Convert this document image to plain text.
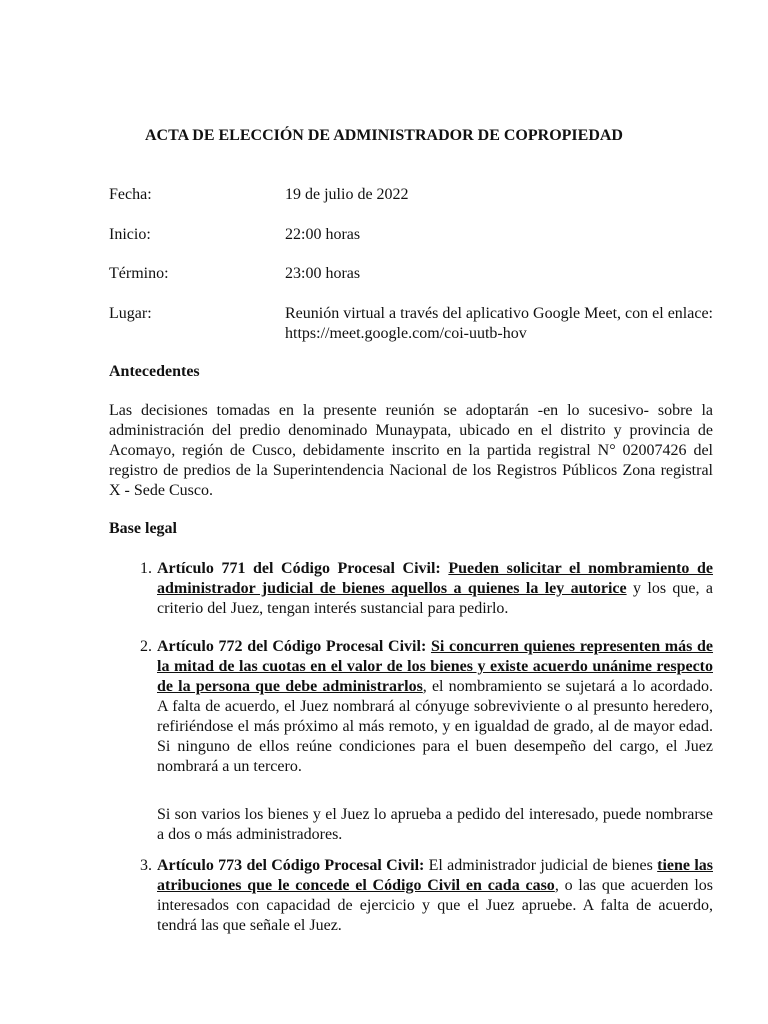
ACTA DE ELECCIÓN DE ADMINISTRADOR DE COPROPIEDAD
Fecha:	19 de julio de 2022
Inicio:	22:00 horas
Término:	23:00 horas
Lugar:	Reunión virtual a través del aplicativo Google Meet, con el enlace: https://meet.google.com/coi-uutb-hov
Antecedentes
Las decisiones tomadas en la presente reunión se adoptarán -en lo sucesivo- sobre la administración del predio denominado Munaypata, ubicado en el distrito y provincia de Acomayo, región de Cusco, debidamente inscrito en la partida registral N° 02007426 del registro de predios de la Superintendencia Nacional de los Registros Públicos Zona registral X - Sede Cusco.
Base legal
1. Artículo 771 del Código Procesal Civil: Pueden solicitar el nombramiento de administrador judicial de bienes aquellos a quienes la ley autorice y los que, a criterio del Juez, tengan interés sustancial para pedirlo.
2. Artículo 772 del Código Procesal Civil: Si concurren quienes representen más de la mitad de las cuotas en el valor de los bienes y existe acuerdo unánime respecto de la persona que debe administrarlos, el nombramiento se sujetará a lo acordado. A falta de acuerdo, el Juez nombrará al cónyuge sobreviviente o al presunto heredero, refiriéndose el más próximo al más remoto, y en igualdad de grado, al de mayor edad. Si ninguno de ellos reúne condiciones para el buen desempeño del cargo, el Juez nombrará a un tercero.
Si son varios los bienes y el Juez lo aprueba a pedido del interesado, puede nombrarse a dos o más administradores.
3. Artículo 773 del Código Procesal Civil: El administrador judicial de bienes tiene las atribuciones que le concede el Código Civil en cada caso, o las que acuerden los interesados con capacidad de ejercicio y que el Juez apruebe. A falta de acuerdo, tendrá las que señale el Juez.
